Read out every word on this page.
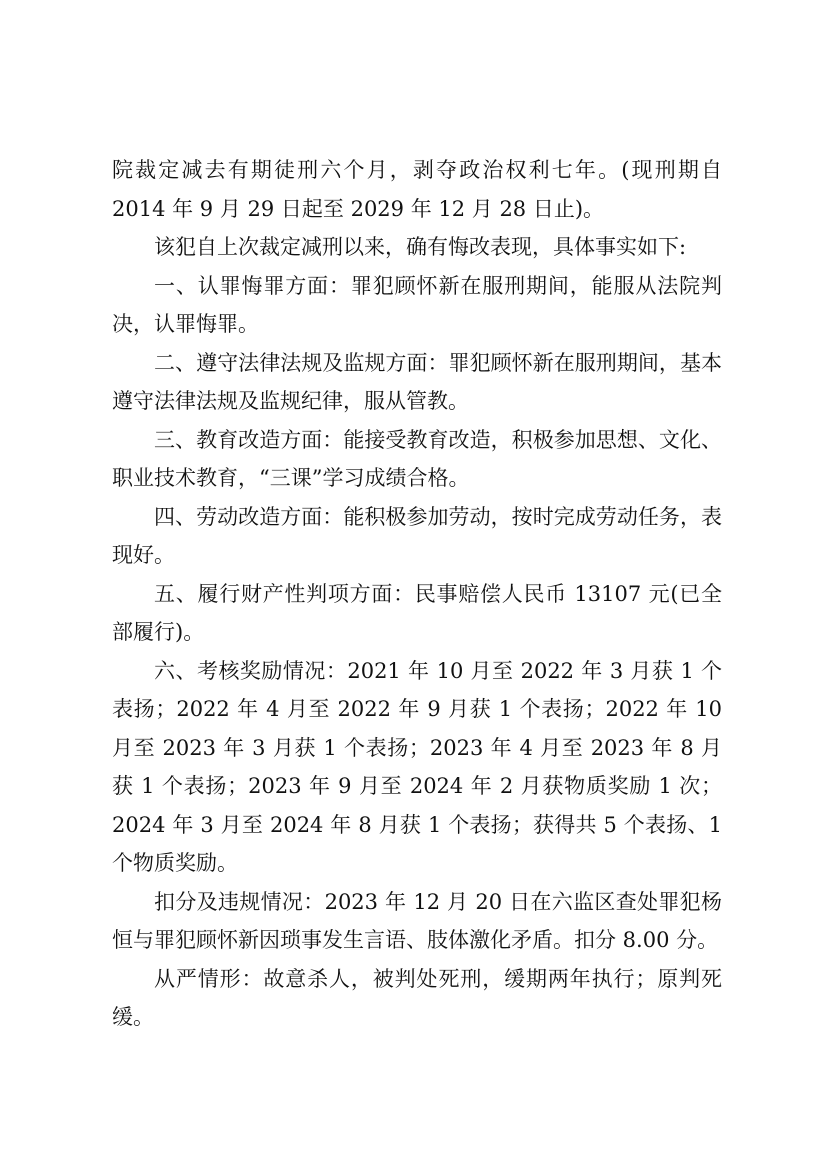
院裁定减去有期徒刑六个月，剥夺政治权利七年。(现刑期自 2014 年 9 月 29 日起至 2029 年 12 月 28 日止)。

该犯自上次裁定减刑以来，确有悔改表现，具体事实如下:

一、认罪悔罪方面：罪犯顾怀新在服刑期间，能服从法院判决，认罪悔罪。

二、遵守法律法规及监规方面：罪犯顾怀新在服刑期间，基本遵守法律法规及监规纪律，服从管教。

三、教育改造方面：能接受教育改造，积极参加思想、文化、职业技术教育，“三课”学习成绩合格。

四、劳动改造方面：能积极参加劳动，按时完成劳动任务，表现好。

五、履行财产性判项方面：民事赔偿人民币 13107 元(已全部履行)。

六、考核奖励情况：2021 年 10 月至 2022 年 3 月获 1 个表扬；2022 年 4 月至 2022 年 9 月获 1 个表扬；2022 年 10 月至 2023 年 3 月获 1 个表扬；2023 年 4 月至 2023 年 8 月获 1 个表扬；2023 年 9 月至 2024 年 2 月获物质奖励 1 次；2024 年 3 月至 2024 年 8 月获 1 个表扬；获得共 5 个表扬、1 个物质奖励。

扣分及违规情况：2023 年 12 月 20 日在六监区查处罪犯杨恒与罪犯顾怀新因琐事发生言语、肢体激化矛盾。扣分 8.00 分。

从严情形：故意杀人，被判处死刑，缓期两年执行；原判死缓。
